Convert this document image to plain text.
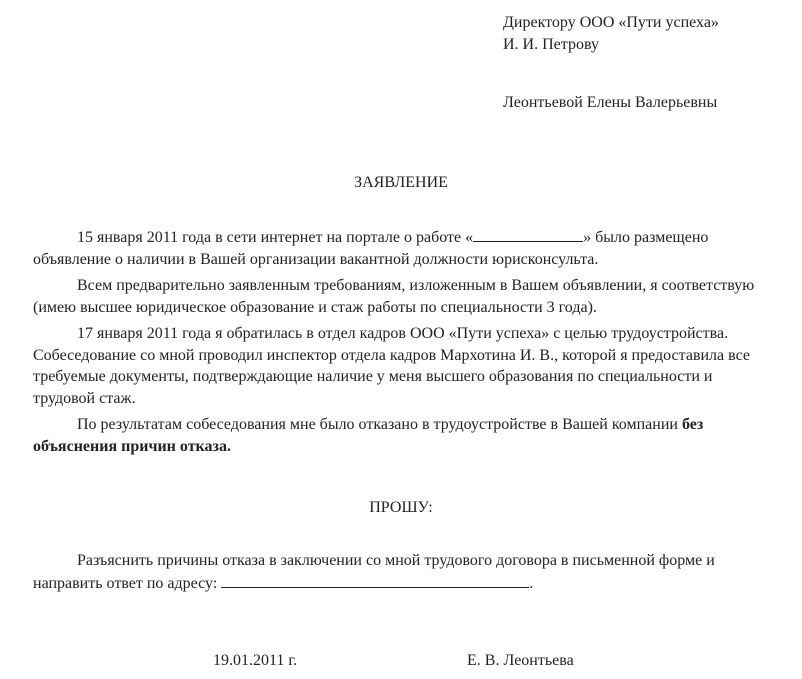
Директору ООО «Пути успеха»
И. И. Петрову
Леонтьевой Елены Валерьевны
ЗАЯВЛЕНИЕ

15 января 2011 года в сети интернет на портале о работе «	» было размещено объявление о наличии в Вашей организации вакантной должности юрисконсульта.

Всем предварительно заявленным требованиям, изложенным в Вашем объявлении, я соответствую (имею высшее юридическое образование и стаж работы по специальности 3 года).

17 января 2011 года я обратилась в отдел кадров ООО «Пути успеха» с целью трудоустройства. Собеседование со мной проводил инспектор отдела кадров Мархотина И. В., которой я предоставила все требуемые документы, подтверждающие наличие у меня высшего образования по специальности и трудовой стаж.

По результатам собеседования мне было отказано в трудоустройстве в Вашей компании без объяснения причин отказа.

ПРОШУ:

Разъяснить причины отказа в заключении со мной трудового договора в письменной форме и направить ответ по адресу:	.

19.01.2011 г.	Е. В. Леонтьева
